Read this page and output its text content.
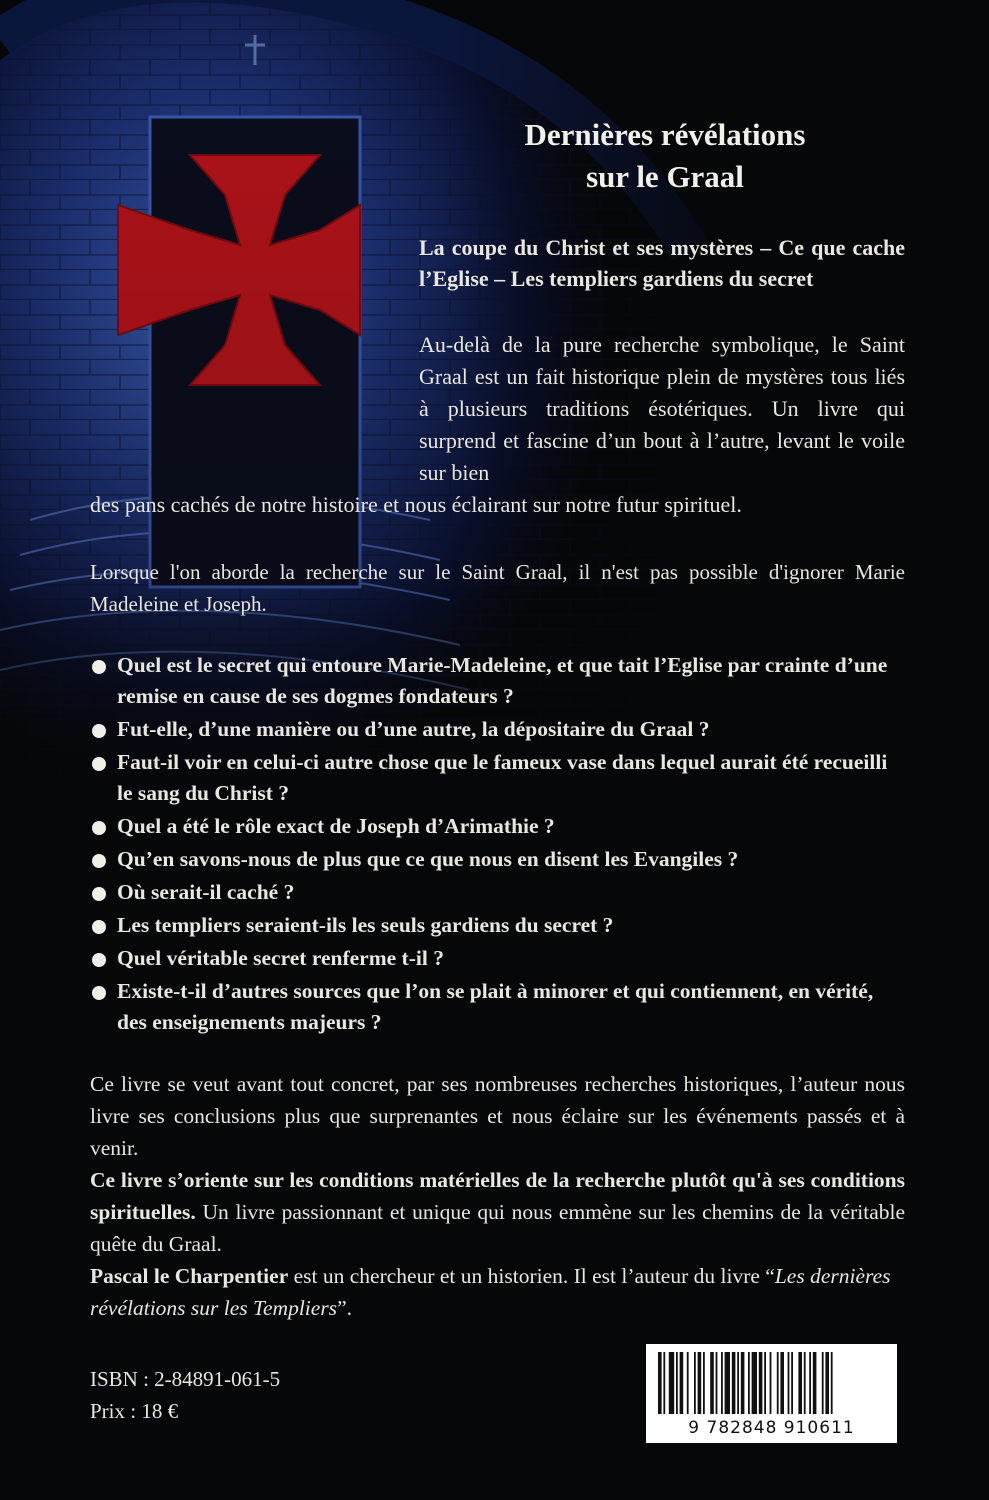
Dernières révélations
sur le Graal
La coupe du Christ et ses mystères – Ce que cache l’Eglise – Les templiers gardiens du secret
Au-delà de la pure recherche symbolique, le Saint Graal est un fait historique plein de mystères tous liés à plusieurs traditions ésotériques. Un livre qui surprend et fascine d’un bout à l’autre, levant le voile sur bien
des pans cachés de notre histoire et nous éclairant sur notre futur spirituel.
Lorsque l'on aborde la recherche sur le Saint Graal, il n'est pas possible d'ignorer Marie Madeleine et Joseph.
Quel est le secret qui entoure Marie-Madeleine, et que tait l’Eglise par crainte d’une remise en cause de ses dogmes fondateurs ?
Fut-elle, d’une manière ou d’une autre, la dépositaire du Graal ?
Faut-il voir en celui-ci autre chose que le fameux vase dans lequel aurait été recueilli le sang du Christ ?
Quel a été le rôle exact de Joseph d’Arimathie ?
Qu’en savons-nous de plus que ce que nous en disent les Evangiles ?
Où serait-il caché ?
Les templiers seraient-ils les seuls gardiens du secret ?
Quel véritable secret renferme t-il ?
Existe-t-il d’autres sources que l’on se plait à minorer et qui contiennent, en vérité, des enseignements majeurs ?
Ce livre se veut avant tout concret, par ses nombreuses recherches historiques, l’auteur nous livre ses conclusions plus que surprenantes et nous éclaire sur les événements passés et à venir.
Ce livre s’oriente sur les conditions matérielles de la recherche plutôt qu'à ses conditions spirituelles. Un livre passionnant et unique qui nous emmène sur les chemins de la véritable quête du Graal.
Pascal le Charpentier est un chercheur et un historien. Il est l’auteur du livre “Les dernières révélations sur les Templiers”.
ISBN : 2-84891-061-5
Prix : 18 €
9 782848 910611
